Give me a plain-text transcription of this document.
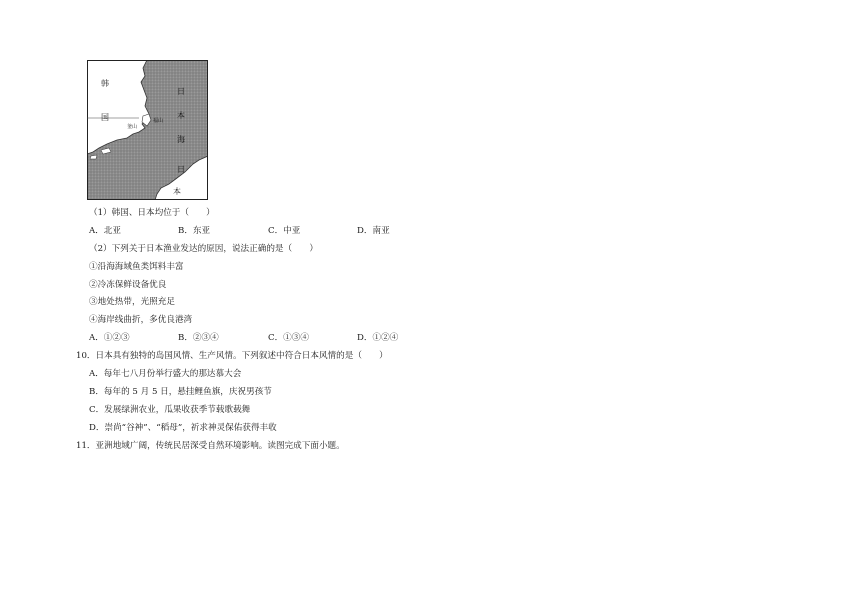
韩
国
釜山
福山
日
本
海
日
本
（1）韩国、日本均位于（　　）
A．北亚	B．东亚	C．中亚	D．南亚
（2）下列关于日本渔业发达的原因，说法正确的是（　　）
①沿海海域鱼类饵料丰富
②冷冻保鲜设备优良
③地处热带，光照充足
④海岸线曲折，多优良港湾
A．①②③	B．②③④	C．①③④	D．①②④
10．日本具有独特的岛国风情、生产风情。下列叙述中符合日本风情的是（　　）
A．每年七八月份举行盛大的那达慕大会
B．每年的 5 月 5 日，悬挂鲤鱼旗，庆祝男孩节
C．发展绿洲农业，瓜果收获季节载歌载舞
D．崇尚“谷神”、“稻母”，祈求神灵保佑获得丰收
11．亚洲地域广阔，传统民居深受自然环境影响。读图完成下面小题。
